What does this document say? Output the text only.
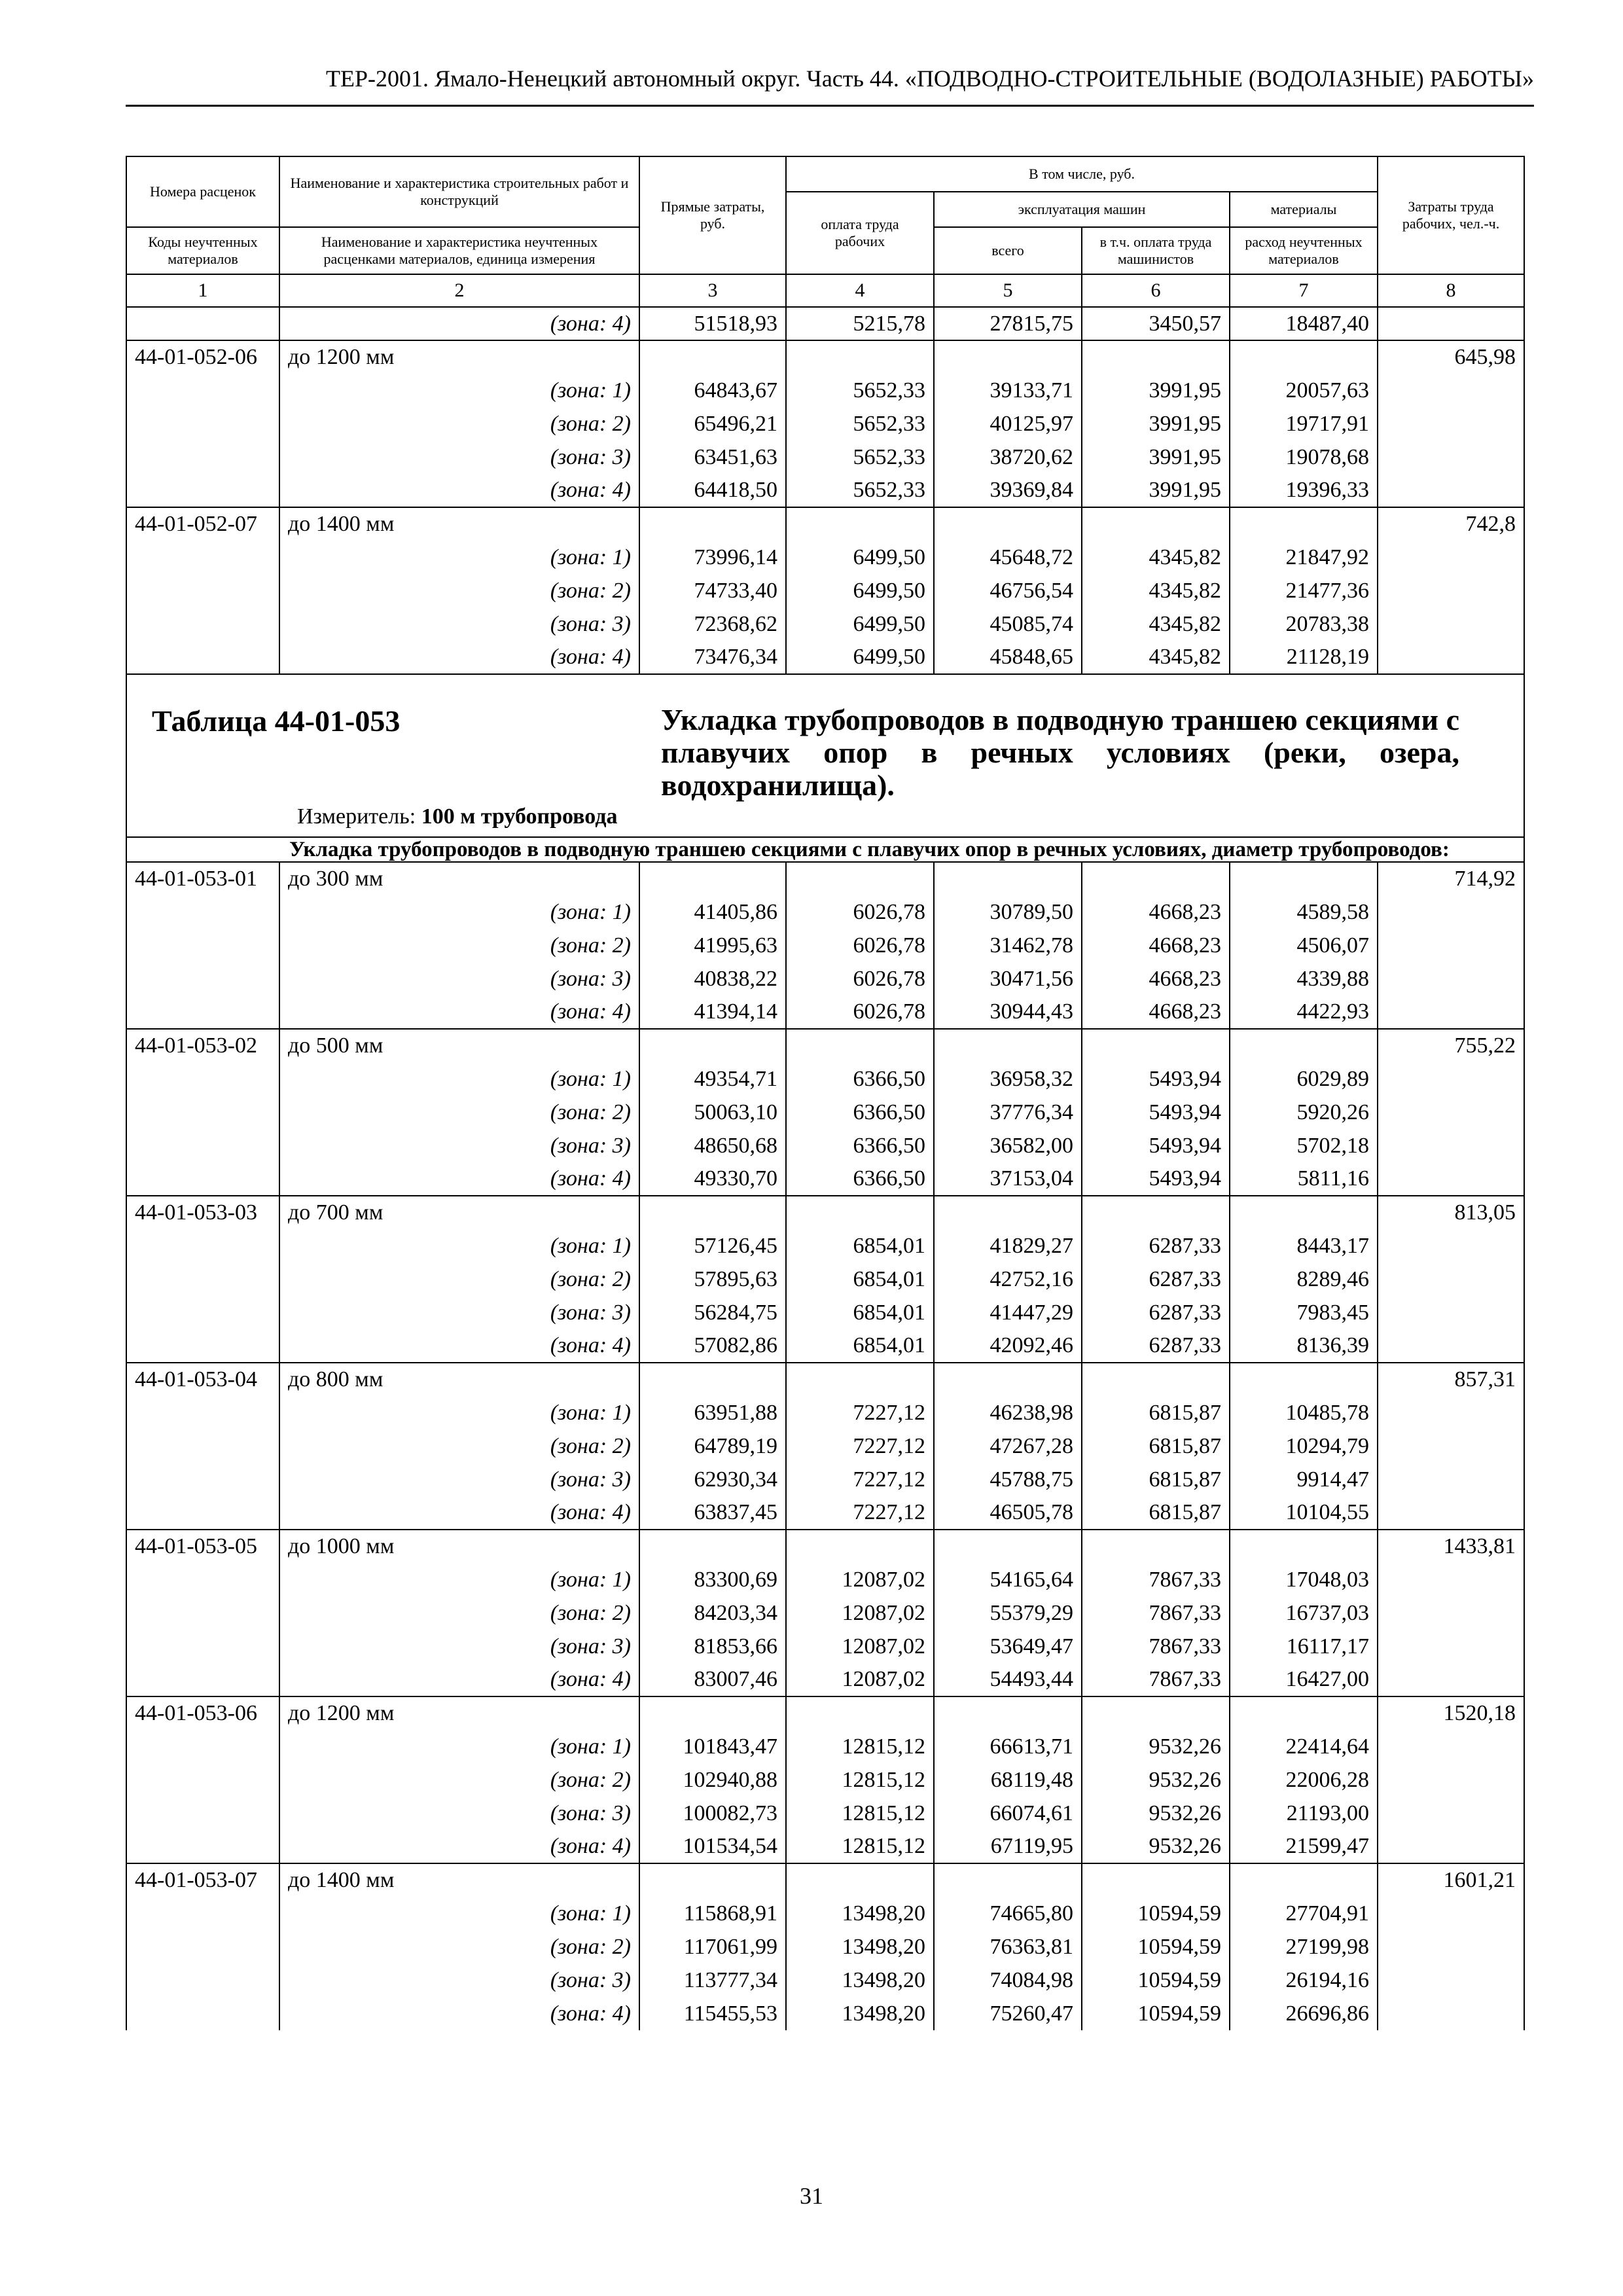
ТЕР-2001. Ямало-Ненецкий автономный округ. Часть 44. «ПОДВОДНО-СТРОИТЕЛЬНЫЕ (ВОДОЛАЗНЫЕ) РАБОТЫ»
Номера расценок	Наименование и характеристика строительных работ и конструкций	Прямые затраты, руб.	В том числе, руб.				Затраты труда рабочих, чел.-ч.
			оплата труда рабочих	эксплуатация машин		материалы	
Коды неучтенных материалов	Наименование и характеристика неучтенных расценками материалов, единица измерения			всего	в т.ч. оплата труда машинистов	расход неучтенных материалов	
1	2	3	4	5	6	7	8
	(зона: 4)	51518,93	5215,78	27815,75	3450,57	18487,40	
44-01-052-06	до 1200 мм						645,98
	(зона: 1)	64843,67	5652,33	39133,71	3991,95	20057,63	
	(зона: 2)	65496,21	5652,33	40125,97	3991,95	19717,91	
	(зона: 3)	63451,63	5652,33	38720,62	3991,95	19078,68	
	(зона: 4)	64418,50	5652,33	39369,84	3991,95	19396,33	
44-01-052-07	до 1400 мм						742,8
	(зона: 1)	73996,14	6499,50	45648,72	4345,82	21847,92	
	(зона: 2)	74733,40	6499,50	46756,54	4345,82	21477,36	
	(зона: 3)	72368,62	6499,50	45085,74	4345,82	20783,38	
	(зона: 4)	73476,34	6499,50	45848,65	4345,82	21128,19	

Таблица 44-01-053 Укладка трубопроводов в подводную траншею секциями с плавучих опор в речных условиях (реки, озера, водохранилища).
Измеритель: 100 м трубопровода							

Укладка трубопроводов в подводную траншею секциями с плавучих опор в речных условиях, диаметр трубопроводов:							
44-01-053-01	до 300 мм						714,92
	(зона: 1)	41405,86	6026,78	30789,50	4668,23	4589,58	
	(зона: 2)	41995,63	6026,78	31462,78	4668,23	4506,07	
	(зона: 3)	40838,22	6026,78	30471,56	4668,23	4339,88	
	(зона: 4)	41394,14	6026,78	30944,43	4668,23	4422,93	
44-01-053-02	до 500 мм						755,22
	(зона: 1)	49354,71	6366,50	36958,32	5493,94	6029,89	
	(зона: 2)	50063,10	6366,50	37776,34	5493,94	5920,26	
	(зона: 3)	48650,68	6366,50	36582,00	5493,94	5702,18	
	(зона: 4)	49330,70	6366,50	37153,04	5493,94	5811,16	
44-01-053-03	до 700 мм						813,05
	(зона: 1)	57126,45	6854,01	41829,27	6287,33	8443,17	
	(зона: 2)	57895,63	6854,01	42752,16	6287,33	8289,46	
	(зона: 3)	56284,75	6854,01	41447,29	6287,33	7983,45	
	(зона: 4)	57082,86	6854,01	42092,46	6287,33	8136,39	
44-01-053-04	до 800 мм						857,31
	(зона: 1)	63951,88	7227,12	46238,98	6815,87	10485,78	
	(зона: 2)	64789,19	7227,12	47267,28	6815,87	10294,79	
	(зона: 3)	62930,34	7227,12	45788,75	6815,87	9914,47	
	(зона: 4)	63837,45	7227,12	46505,78	6815,87	10104,55	
44-01-053-05	до 1000 мм						1433,81
	(зона: 1)	83300,69	12087,02	54165,64	7867,33	17048,03	
	(зона: 2)	84203,34	12087,02	55379,29	7867,33	16737,03	
	(зона: 3)	81853,66	12087,02	53649,47	7867,33	16117,17	
	(зона: 4)	83007,46	12087,02	54493,44	7867,33	16427,00	
44-01-053-06	до 1200 мм						1520,18
	(зона: 1)	101843,47	12815,12	66613,71	9532,26	22414,64	
	(зона: 2)	102940,88	12815,12	68119,48	9532,26	22006,28	
	(зона: 3)	100082,73	12815,12	66074,61	9532,26	21193,00	
	(зона: 4)	101534,54	12815,12	67119,95	9532,26	21599,47	
44-01-053-07	до 1400 мм						1601,21
	(зона: 1)	115868,91	13498,20	74665,80	10594,59	27704,91	
	(зона: 2)	117061,99	13498,20	76363,81	10594,59	27199,98	
	(зона: 3)	113777,34	13498,20	74084,98	10594,59	26194,16	
	(зона: 4)	115455,53	13498,20	75260,47	10594,59	26696,86	
31
